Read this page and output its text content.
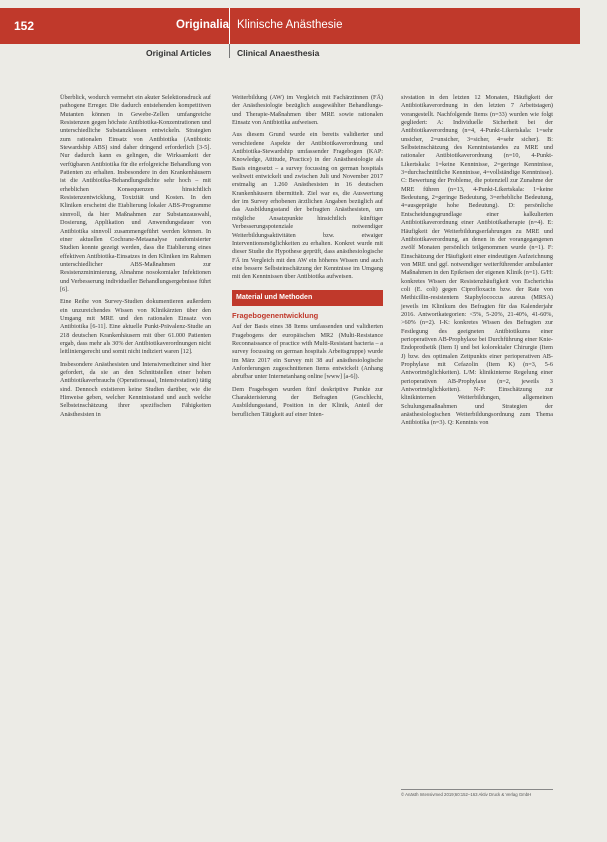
152	Originalia Klinische Anästhesie
Original Articles	Clinical Anaesthesia

Überblick, wodurch vermehrt ein akuter Selektionsdruck auf pathogene Erreger. Die dadurch entstehenden kompetitiven Mutanten können in Gewebe-Zellen umfangreiche Resistenzen gegen höchste Antibiotika-Konzentrationen und unterschiedliche Substanzklassen entwickeln. Strategien zum rationalen Einsatz von Antibiotika (Antibiotic Stewardship ABS) sind daher dringend erforderlich [3-5]. Nur dadurch kann es gelingen, die Wirksamkeit der verfügbaren Antibiotika für die erfolgreiche Behandlung von Patienten zu erhalten. Insbesondere in den Krankenhäusern ist die Antibiotika-Behandlungsdichte sehr hoch – mit erheblichen Konsequenzen hinsichtlich Resistenzentwicklung, Toxizität und Kosten. In den Kliniken erscheint die Etablierung lokaler ABS-Programme sinnvoll, da hier Maßnahmen zur Substanzauswahl, Dosierung, Applikation und Anwendungsdauer von Antibiotika sinnvoll zusammengeführt werden können. In einer aktuellen Cochrane-Metaanalyse randomisierter Studien konnte gezeigt werden, dass die Etablierung eines effektiven Antibiotika-Einsatzes in den Kliniken im Rahmen unterschiedlicher ABS-Maßnahmen zur Resistenzminimierung, Abnahme nosokomialer Infektionen und Verbesserung individueller Behandlungsergebnisse führt [6].

Eine Reihe von Survey-Studien dokumentieren außerdem ein unzureichendes Wissen von Klinikärzten über den Umgang mit MRE und den rationalen Einsatz von Antibiotika [6-11]. Eine aktuelle Punkt-Prävalenz-Studie an 218 deutschen Krankenhäusern mit über 61.000 Patienten ergab, dass mehr als 30% der Antibiotikaverordnungen nicht leitliniengerecht und somit nicht indiziert waren [12].

Insbesondere Anästhesisten und Intensivmediziner sind hier gefordert, da sie an den Schnittstellen einer hohen Antibiotikaverbrauchs (Operationssaal, Intensivstation) tätig sind. Dennoch existieren keine Studien darüber, wie die Hinweise geben, welcher Kenntnisstand und auch welche Selbsteinschätzung ihrer spezifischen Fähigkeiten Anästhesisten in

Weiterbildung (AW) im Vergleich mit Fachärztinnen (FÄ) der Anästhesiologie bezüglich ausgewählter Behandlungs- und Therapie-Maßnahmen über MRE sowie rationalen Einsatz von Antibiotika aufweisen.

Aus diesem Grund wurde ein bereits validierter und verschiedene Aspekte der Antibiotikaverordnung und Antibiotika-Stewardship umfassender Fragebogen (KAP: Knowledge, Attitude, Practice) in der Anästhesiologie als Basis eingesetzt – a survey focussing on german hospitals weltweit entwickelt und zwischen Juli und November 2017 erstmalig an 1.260 Anästhesisten in 16 deutschen Krankenhäusern übermittelt. Ziel war es, die Auswertung der im Survey erhobenen ärztlichen Angaben bezüglich auf das Ausbildungsstand der befragten Anästhesisten, um mögliche Ansatzpunkte hinsichtlich künftiger Verbesserungspotenziale notwendiger Weiterbildungsaktivitäten bzw. etwaiger Interventionsmöglichkeiten zu erhalten. Konkret wurde mit dieser Studie die Hypothese geprüft, dass anästhesiologische FÄ im Vergleich mit den AW ein höheres Wissen und auch eine bessere Selbsteinschätzung der Kenntnisse im Umgang mit den Kenntnissen über Antibiotika aufweisen.

Material und Methoden
Fragebogenentwicklung

Auf der Basis eines 38 Items umfassenden und validierten Fragebogens der europäischen MR2 (Multi-Resistance Reconnaissance of practice with Multi-Resistant bacteria – a survey focussing on german hospitals Arbeitsgruppe) wurde im März 2017 ein Survey mit 38 auf anästhesiologische Anforderungen zugeschnittenen Items entwickelt (Anhang abrufbar unter Internetanhang online [www] [a-6]).

Dem Fragebogen wurden fünf deskriptive Punkte zur Charakterisierung der Befragten (Geschlecht, Ausbildungsstand, Position in der Klinik, Anteil der beruflichen Tätigkeit auf einer Inten-

sivstation in den letzten 12 Monaten, Häufigkeit der Antibiotikaverordnung in den letzten 7 Arbeitstagen) vorangestellt. Nachfolgende Items (n=33) wurden wie folgt gegliedert: A: Individuelle Sicherheit bei der Antibiotikaverordnung (n=4, 4-Punkt-Likertskala: 1=sehr unsicher, 2=unsicher, 3=sicher, 4=sehr sicher). B: Selbsteinschätzung des Kenntnisstandes zu MRE und rationaler Antibiotikaverordnung (n=10, 4-Punkt-Likertskala: 1=keine Kenntnisse, 2=geringe Kenntnisse, 3=durchschnittliche Kenntnisse, 4=vollständige Kenntnisse). C: Bewertung der Probleme, die potenziell zur Zunahme der MRE führen (n=13, 4-Punkt-Likertskala: 1=keine Bedeutung, 2=geringe Bedeutung, 3=erhebliche Bedeutung, 4=ausgeprägte hohe Bedeutung). D: persönliche Entscheidungsgrundlage einer kalkulierten Antibiotikaverordnung einer Antibiotikatherapie (n=4). E: Häufigkeit der Weiterbildungserfahrungen zu MRE und Antibiotikaverordnung, an denen in der vorangegangenen zwölf Monaten persönlich teilgenommen wurde (n=1). F: Einschätzung der Häufigkeit einer eindeutigen Aufzeichnung von MRE und ggf. notwendiger weiterführender ambulanter Maßnahmen in den Epikrisen der eigenen Klinik (n=1). G/H: konkretes Wissen der Resistenzhäufigkeit von Escherichia coli (E. coli) gegen Ciprofloxacin bzw. der Rate von Methicillin-resistentem Staphylococcus aureus (MRSA) jeweils im Klinikum des Befragten für das Kalenderjahr 2016. Antwortkategorien: <5%, 5-20%, 21-40%, 41-60%, >60% (n=2). I-K: konkretes Wissen des Befragten zur Festlegung des geeigneten Antibiotikums einer perioperativen AB-Prophylaxe bei Durchführung einer Knie-Endoprothetik (Item I) und bei kolorektaler Chirurgie (Item J) bzw. des optimalen Zeitpunkts einer perioperativen AB-Prophylaxe mit Cefazolin (Item K) (n=3, 5-6 Antwortmöglichkeiten). L/M: klinikinterne Regelung einer perioperativen AB-Prophylaxe (n=2, jeweils 3 Antwortmöglichkeiten). N-P: Einschätzung zur klinikinternen Weiterbildungen, allgemeinen Schulungsmaßnahmen und Strategien der anästhesiologischen Weiterbildungsordnung zum Thema Antibiotika (n=3). Q: Kenntnis von

© Anästh Intensivmed 2019;60:152–163 Aktiv Druck & Verlag GmbH
